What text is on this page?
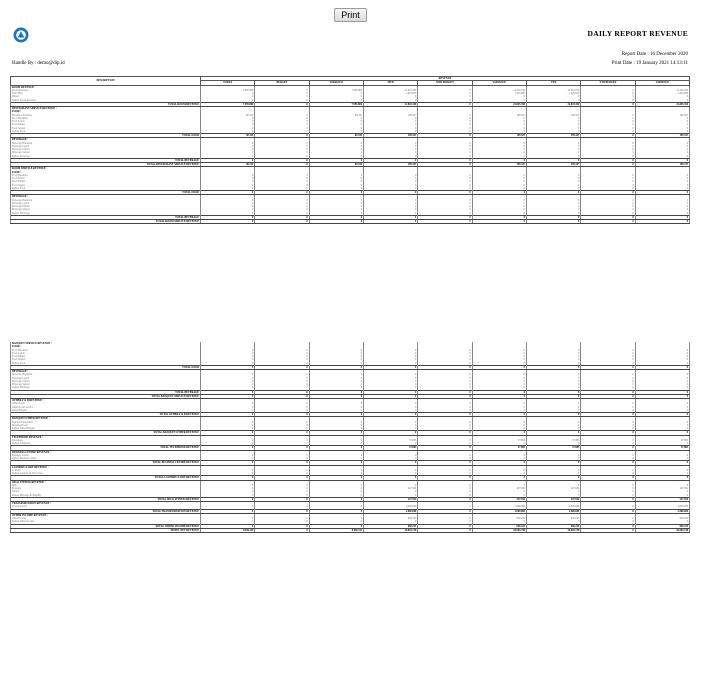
Print
DAILY REPORT REVENUE
Handle By : demo@dip.id
Report Date : 16 December 2020
Print Date : 19 January 2021 14:13:11
DESCRIPTION	REVENUE								
	TODAY	BUDGET	VARIANCE	MTD	MTD BUDGET	VARIANCE	YTD	YTD BUDGET	VARIENCE
ROOM REVENUE :									
Room Revenue	7.995.800	0	7.995.800	21.419.700	0	21.419.700	21.419.700	0	21.419.700
Extra Bed	0	0	0	1.425.650	0	1.425.650	1.425.650	0	1.425.650
Others	0	0	0	0	0	0	0	0	0
Rebate Room Revenue	0	0	0	0	0	0	0	0	0
TOTAL ROOM REVENUE	7.995.800	0	7.995.800	22.845.350	0	22.845.350	22.845.350	0	22.845.350
RESTAURANT SERVICE REVENUE :									
FOOD :									
Breakfast Inclusive	60.310	0	60.310	199.347	0	199.347	199.347	0	199.347
Food Breakfast	0	0	0	0	0	0	0	0	0
Food Lunch	0	0	0	0	0	0	0	0	0
Food Dinner	0	0	0	0	0	0	0	0	0
Food Supper	0	0	0	0	0	0	0	0	0
Rebate Food	0	0	0	0	0	0	0	0	0
TOTAL FOOD	60.310	0	60.310	199.347	0	199.347	199.347	0	199.347
BEVERAGE :									
Beverage Breakfast	0	0	0	0	0	0	0	0	0
Beverage Lunch	0	0	0	0	0	0	0	0	0
Beverage Dinner	0	0	0	0	0	0	0	0	0
Beverage Supper	0	0	0	0	0	0	0	0	0
Rebate Beverage	0	0	0	0	0	0	0	0	0
TOTAL BEVERAGE	0	0	0	0	0	0	0	0	0
TOTAL RESTAURANT SERVICE REVENUE	60.310	0	60.310	199.347	0	199.347	199.347	0	199.347
ROOM SERVICE REVENUE :									
FOOD :									
Food Breakfast	0	0	0	0	0	0	0	0	0
Food Lunch	0	0	0	0	0	0	0	0	0
Food Dinner	0	0	0	0	0	0	0	0	0
Food Supper	0	0	0	0	0	0	0	0	0
Rebate Food	0	0	0	0	0	0	0	0	0
TOTAL FOOD	0	0	0	0	0	0	0	0	0
BEVERAGE :									
Beverage Breakfast	0	0	0	0	0	0	0	0	0
Beverage Lunch	0	0	0	0	0	0	0	0	0
Beverage Dinner	0	0	0	0	0	0	0	0	0
Beverage Supper	0	0	0	0	0	0	0	0	0
Rebate Beverage	0	0	0	0	0	0	0	0	0
TOTAL BEVERAGE	0	0	0	0	0	0	0	0	0
TOTAL ROOM SERVICE REVENUE	0	0	0	0	0	0	0	0	0
BANQUET SERVICE REVENUE :									
FOOD :									
Food Breakfast	0	0	0	0	0	0	0	0	0
Food Lunch	0	0	0	0	0	0	0	0	0
Food Dinner	0	0	0	0	0	0	0	0	0
Food Supper	0	0	0	0	0	0	0	0	0
Rebate Food	0	0	0	0	0	0	0	0	0
TOTAL FOOD	0	0	0	0	0	0	0	0	0
BEVERAGE :									
Beverage Breakfast	0	0	0	0	0	0	0	0	0
Beverage Lunch	0	0	0	0	0	0	0	0	0
Beverage Dinner	0	0	0	0	0	0	0	0	0
Beverage Supper	0	0	0	0	0	0	0	0	0
Rebate Beverage	0	0	0	0	0	0	0	0	0
TOTAL BEVERAGE	0	0	0	0	0	0	0	0	0
TOTAL BANQUET SERVICE REVENUE	0	0	0	0	0	0	0	0	0
OTHER F & B REVENUE :									
Other Room	0	0	0	0	0	0	0	0	0
Other Room Service	0	0	0	0	0	0	0	0	0
Other Banquet	0	0	0	0	0	0	0	0	0
TOTAL OTHER F & B REVENUE	0	0	0	0	0	0	0	0	0
BANQUET OTHER REVENUE :									
Banquet Equipment	0	0	0	0	0	0	0	0	0
Meeting Room	0	0	0	0	0	0	0	0	0
Rebate Other Banquet	0	0	0	0	0	0	0	0	0
TOTAL BANQUET OTHER REVENUE	0	0	0	0	0	0	0	0	0
TELEPHONE REVENUE :									
Telephone	0	0	0	37.883	0	37.883	37.883	0	37.883
Rebate Telephone	0	0	0	0	0	0	0	0	0
TOTAL TELEPHONE REVENUE	0	0	0	37.883	0	37.883	37.883	0	37.883
BUSINESS CENTRE REVENUE :									
Business Centre	0	0	0	0	0	0	0	0	0
Rebate Business Centre	0	0	0	0	0	0	0	0	0
TOTAL BUSINESS CENTRE REVENUE	0	0	0	0	0	0	0	0	0
LAUNDRY & DRY REVENUE :									
Laundry	0	0	0	0	0	0	0	0	0
Rebate Laundry & Dry Clean	0	0	0	0	0	0	0	0	0
TOTAL LAUNDRY & DRY REVENUE	0	0	0	0	0	0	0	0	0
SPA & FITNESS REVENUE :									
SPA	0	0	0	0	0	0	0	0	0
Massage	0	0	0	247.934	0	247.934	247.934	0	247.934
Others	0	0	0	0	0	0	0	0	0
Rebate Massage & Simplify	0	0	0	0	0	0	0	0	0
TOTAL SPA & FITNESS REVENUE	0	0	0	247.934	0	247.934	247.934	0	247.934
TRANSPORTATION REVENUE :									
Transportation	0	0	0	2.000.000	0	2.000.000	2.000.000	0	2.000.000
TOTAL TRANSPORTATION REVENUE	0	0	0	2.000.000	0	2.000.000	2.000.000	0	2.000.000
OTHER INCOME REVENUE :									
Other Income	0	0	0	650.225	0	650.225	650.225	0	650.225
Rebate Other Income	0	0	0	0	0	0	0	0	0
TOTAL OTHER INCOME REVENUE	0	0	0	650.225	0	650.225	650.225	0	650.225
HOTEL NET REVENUE	8.056.110	0	8.056.110	26.003.738	0	26.003.738	26.003.738	0	26.003.738
